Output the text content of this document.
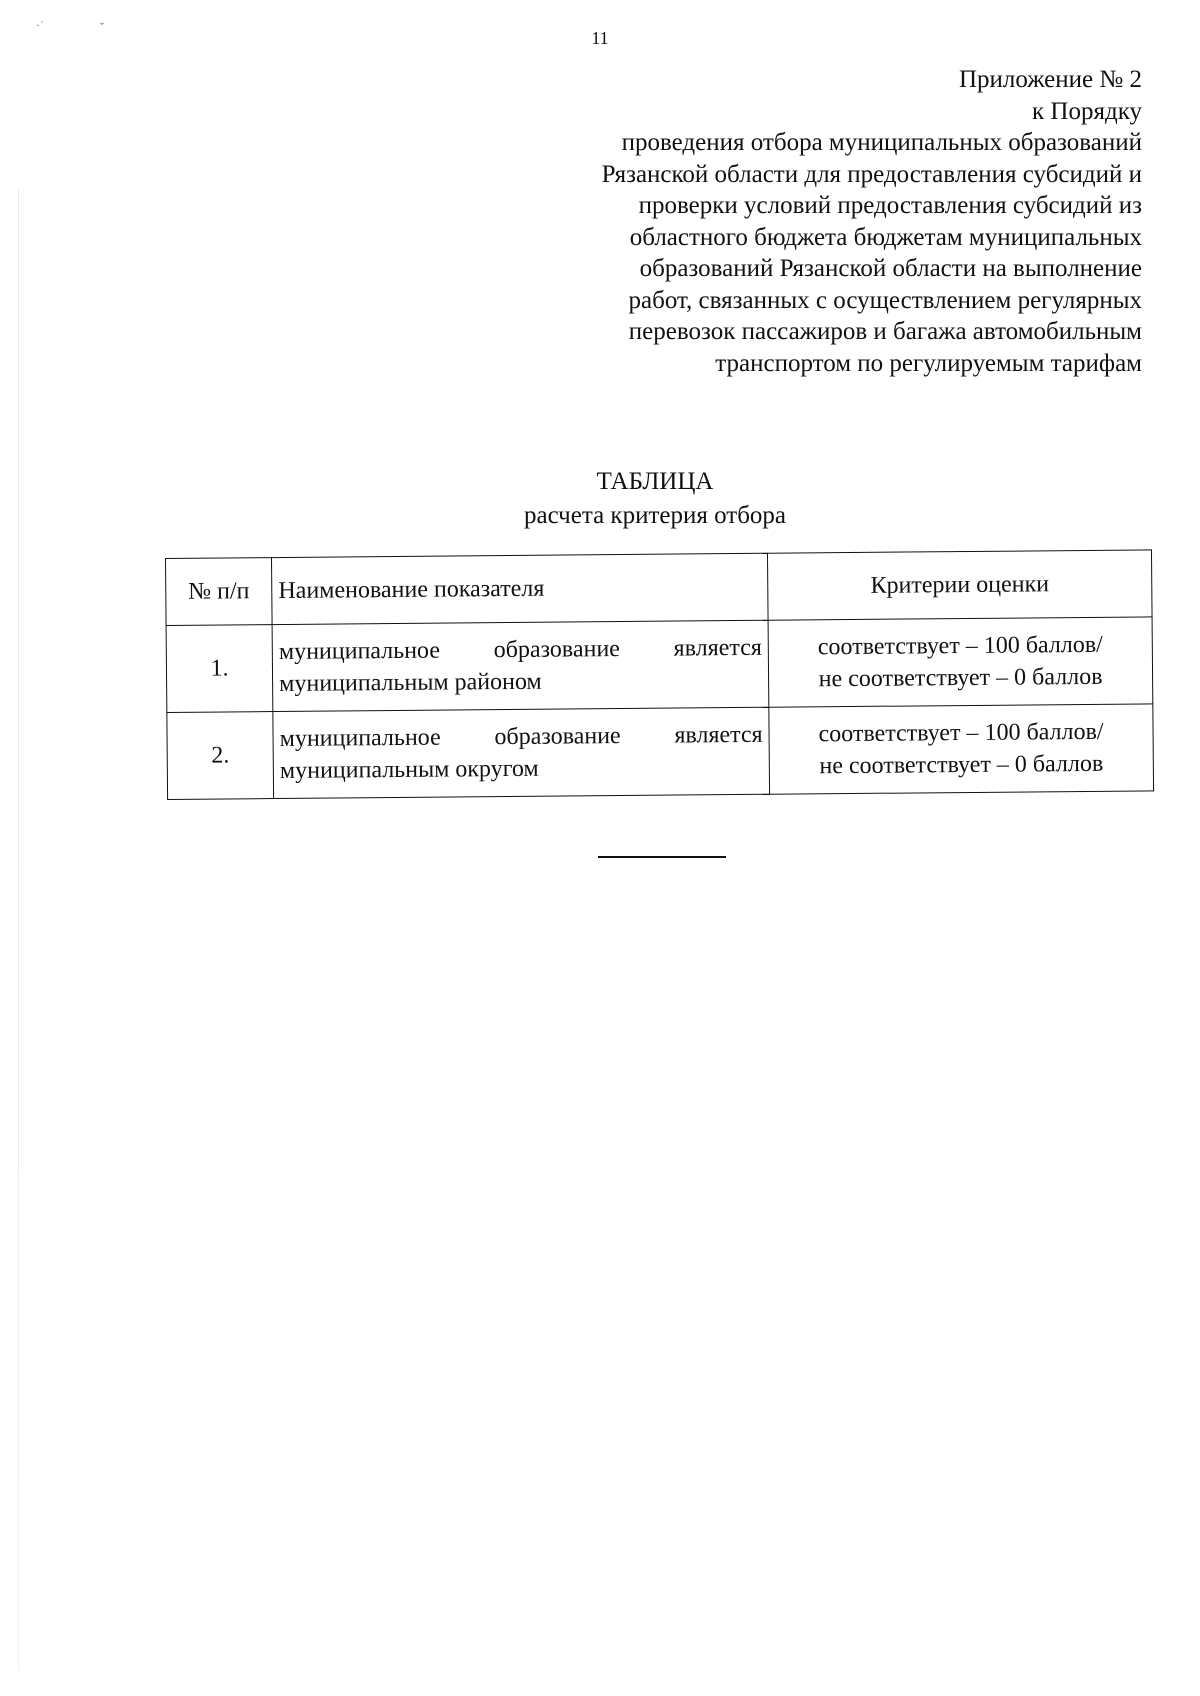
·˙	ˇ
11
Приложение № 2
к Порядку
проведения отбора муниципальных образований
Рязанской области для предоставления субсидий и
проверки условий предоставления субсидий из
областного бюджета бюджетам муниципальных
образований Рязанской области на выполнение
работ, связанных с осуществлением регулярных
перевозок пассажиров и багажа автомобильным
транспортом по регулируемым тарифам
ТАБЛИЦА
расчета критерия отбора
№ п/п	Наименование показателя	Критерии оценки
1.	муниципальное образование является муниципальным районом	соответствует – 100 баллов/
не соответствует – 0 баллов

2.	муниципальное образование является муниципальным округом	соответствует – 100 баллов/
не соответствует – 0 баллов
